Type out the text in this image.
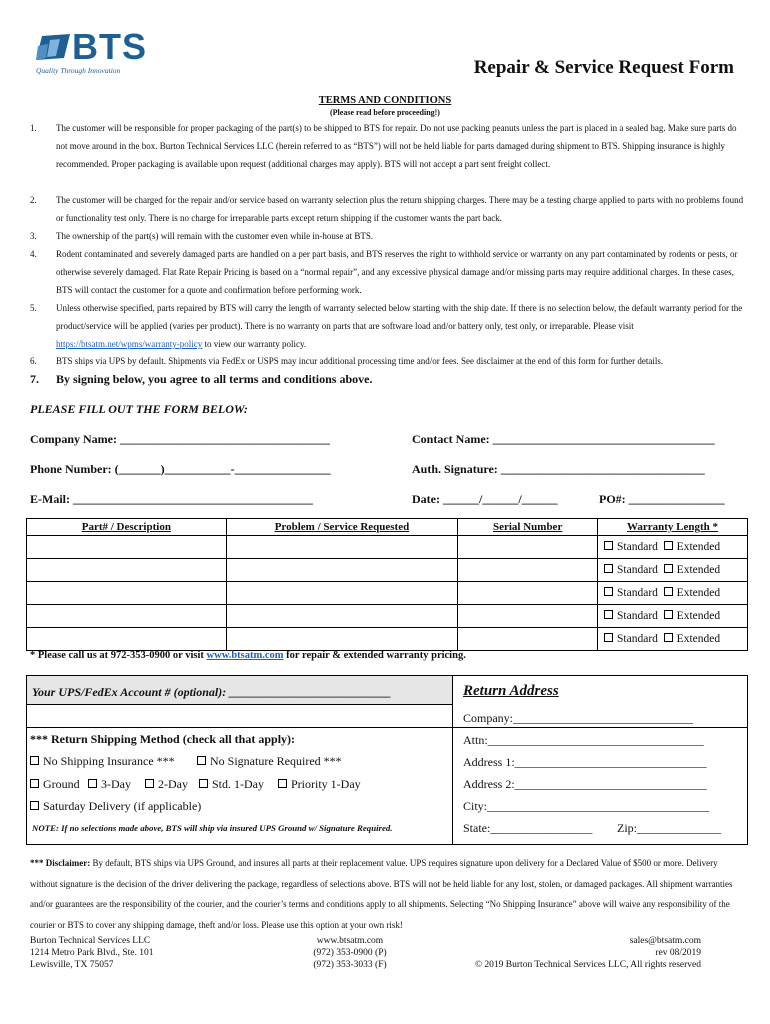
BTS
Quality Through Innovation	Repair & Service Request Form
TERMS AND CONDITIONS
(Please read before proceeding!)
1. The customer will be responsible for proper packaging of the part(s) to be shipped to BTS for repair. Do not use packing peanuts unless the part is placed in a sealed bag. Make sure parts do not move around in the box. Burton Technical Services LLC (herein referred to as “BTS”) will not be held liable for parts damaged during shipment to BTS. Shipping insurance is highly recommended. Proper packaging is available upon request (additional charges may apply). BTS will not accept a part sent freight collect.
2. The customer will be charged for the repair and/or service based on warranty selection plus the return shipping charges. There may be a testing charge applied to parts with no problems found or functionality test only. There is no charge for irreparable parts except return shipping if the customer wants the part back.
3. The ownership of the part(s) will remain with the customer even while in-house at BTS.
4. Rodent contaminated and severely damaged parts are handled on a per part basis, and BTS reserves the right to withhold service or warranty on any part contaminated by rodents or pests, or otherwise severely damaged. Flat Rate Repair Pricing is based on a “normal repair”, and any excessive physical damage and/or missing parts may require additional charges. In these cases, BTS will contact the customer for a quote and confirmation before performing work.
5. Unless otherwise specified, parts repaired by BTS will carry the length of warranty selected below starting with the ship date. If there is no selection below, the default warranty period for the product/service will be applied (varies per product). There is no warranty on parts that are software load and/or battery only, test only, or irreparable. Please visit https://btsatm.net/wpms/warranty-policy to view our warranty policy.
6. BTS ships via UPS by default. Shipments via FedEx or USPS may incur additional processing time and/or fees. See disclaimer at the end of this form for further details.
7. By signing below, you agree to all terms and conditions above.
PLEASE FILL OUT THE FORM BELOW:
Company Name: ___________________________________	Contact Name: _____________________________________
Phone Number: (_______)___________-________________	Auth. Signature: __________________________________
E-Mail: ________________________________________	Date: ______/______/______	PO#: ________________
Part# / Description	Problem / Service Requested	Serial Number	Warranty Length *
			Standard Extended
			Standard Extended
			Standard Extended
			Standard Extended
			Standard Extended
* Please call us at 972-353-0900 or visit www.btsatm.com for repair & extended warranty pricing.
Your UPS/FedEx Account # (optional): ___________________________	Return Address
*** Return Shipping Method (check all that apply):
No Shipping Insurance ***	No Signature Required ***
Ground	3-Day	2-Day	Std. 1-Day	Priority 1-Day
Saturday Delivery (if applicable)
NOTE: If no selections made above, BTS will ship via insured UPS Ground w/ Signature Required.
Company:______________________________
Attn:____________________________________
Address 1:________________________________
Address 2:________________________________
City:_____________________________________
State:_________________ Zip:______________
*** Disclaimer: By default, BTS ships via UPS Ground, and insures all parts at their replacement value. UPS requires signature upon delivery for a Declared Value of $500 or more. Delivery without signature is the decision of the driver delivering the package, regardless of selections above. BTS will not be held liable for any lost, stolen, or damaged packages. All shipment warranties and/or guarantees are the responsibility of the courier, and the courier’s terms and conditions apply to all shipments. Selecting “No Shipping Insurance” above will waive any responsibility of the courier or BTS to cover any shipping damage, theft and/or loss. Please use this option at your own risk!
Burton Technical Services LLC
1214 Metro Park Blvd., Ste. 101
Lewisville, TX 75057
www.btsatm.com
(972) 353-0900 (P)
(972) 353-3033 (F)
sales@btsatm.com
rev 08/2019
© 2019 Burton Technical Services LLC, All rights reserved
